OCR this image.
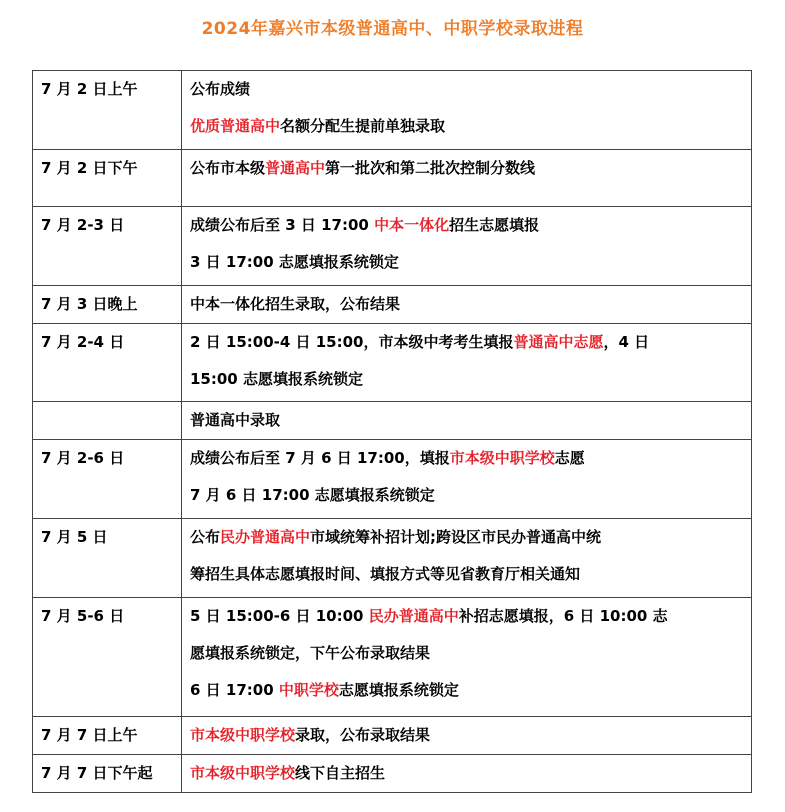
2024年嘉兴市本级普通高中、中职学校录取进程
7 月 2 日上午	公布成绩
优质普通高中名额分配生提前单独录取

7 月 2 日下午	公布市本级普通高中第一批次和第二批次控制分数线

7 月 2-3 日	成绩公布后至 3 日 17:00 中本一体化招生志愿填报
3 日 17:00 志愿填报系统锁定

7 月 3 日晚上	中本一体化招生录取，公布结果

7 月 2-4 日	2 日 15:00-4 日 15:00，市本级中考考生填报普通高中志愿，4 日
15:00 志愿填报系统锁定

	普通高中录取

7 月 2-6 日	成绩公布后至 7 月 6 日 17:00，填报市本级中职学校志愿
7 月 6 日 17:00 志愿填报系统锁定

7 月 5 日	公布民办普通高中市域统筹补招计划;跨设区市民办普通高中统
筹招生具体志愿填报时间、填报方式等见省教育厅相关通知

7 月 5-6 日	5 日 15:00-6 日 10:00 民办普通高中补招志愿填报，6 日 10:00 志
愿填报系统锁定，下午公布录取结果
6 日 17:00 中职学校志愿填报系统锁定

7 月 7 日上午	市本级中职学校录取，公布录取结果

7 月 7 日下午起	市本级中职学校线下自主招生
